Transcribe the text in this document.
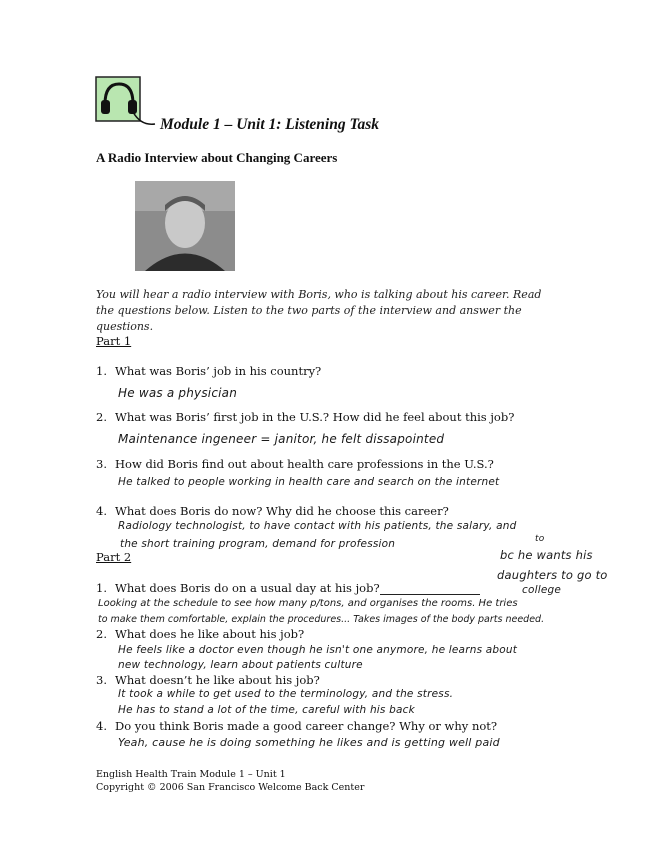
Module 1 – Unit 1: Listening Task
A Radio Interview about Changing Careers
You will hear a radio interview with Boris, who is talking about his career. Read the questions below. Listen to the two parts of the interview and answer the questions.
Part 1
1. What was Boris’ job in his country?
He was a physician
2. What was Boris’ first job in the U.S.? How did he feel about this job?
Maintenance ingeneer = janitor, he felt dissapointed
3. How did Boris find out about health care professions in the U.S.?
He talked to people working in health care and search on the internet
4. What does Boris do now? Why did he choose this career?
Radiology technologist, to have contact with his patients, the salary, and
the short training program, demand for profession	to
bc he wants his
daughters to go to
college
Part 2
1. What does Boris do on a usual day at his job?
Looking at the schedule to see how many p/tons, and organises the rooms. He tries
to make them comfortable, explain the procedures... Takes images of the body parts needed.
2. What does he like about his job?
He feels like a doctor even though he isn't one anymore, he learns about
new technology, learn about patients culture
3. What doesn’t he like about his job?
It took a while to get used to the terminology, and the stress.
He has to stand a lot of the time, careful with his back
4. Do you think Boris made a good career change? Why or why not?
Yeah, cause he is doing something he likes and is getting well paid
English Health Train Module 1 – Unit 1
Copyright © 2006 San Francisco Welcome Back Center
